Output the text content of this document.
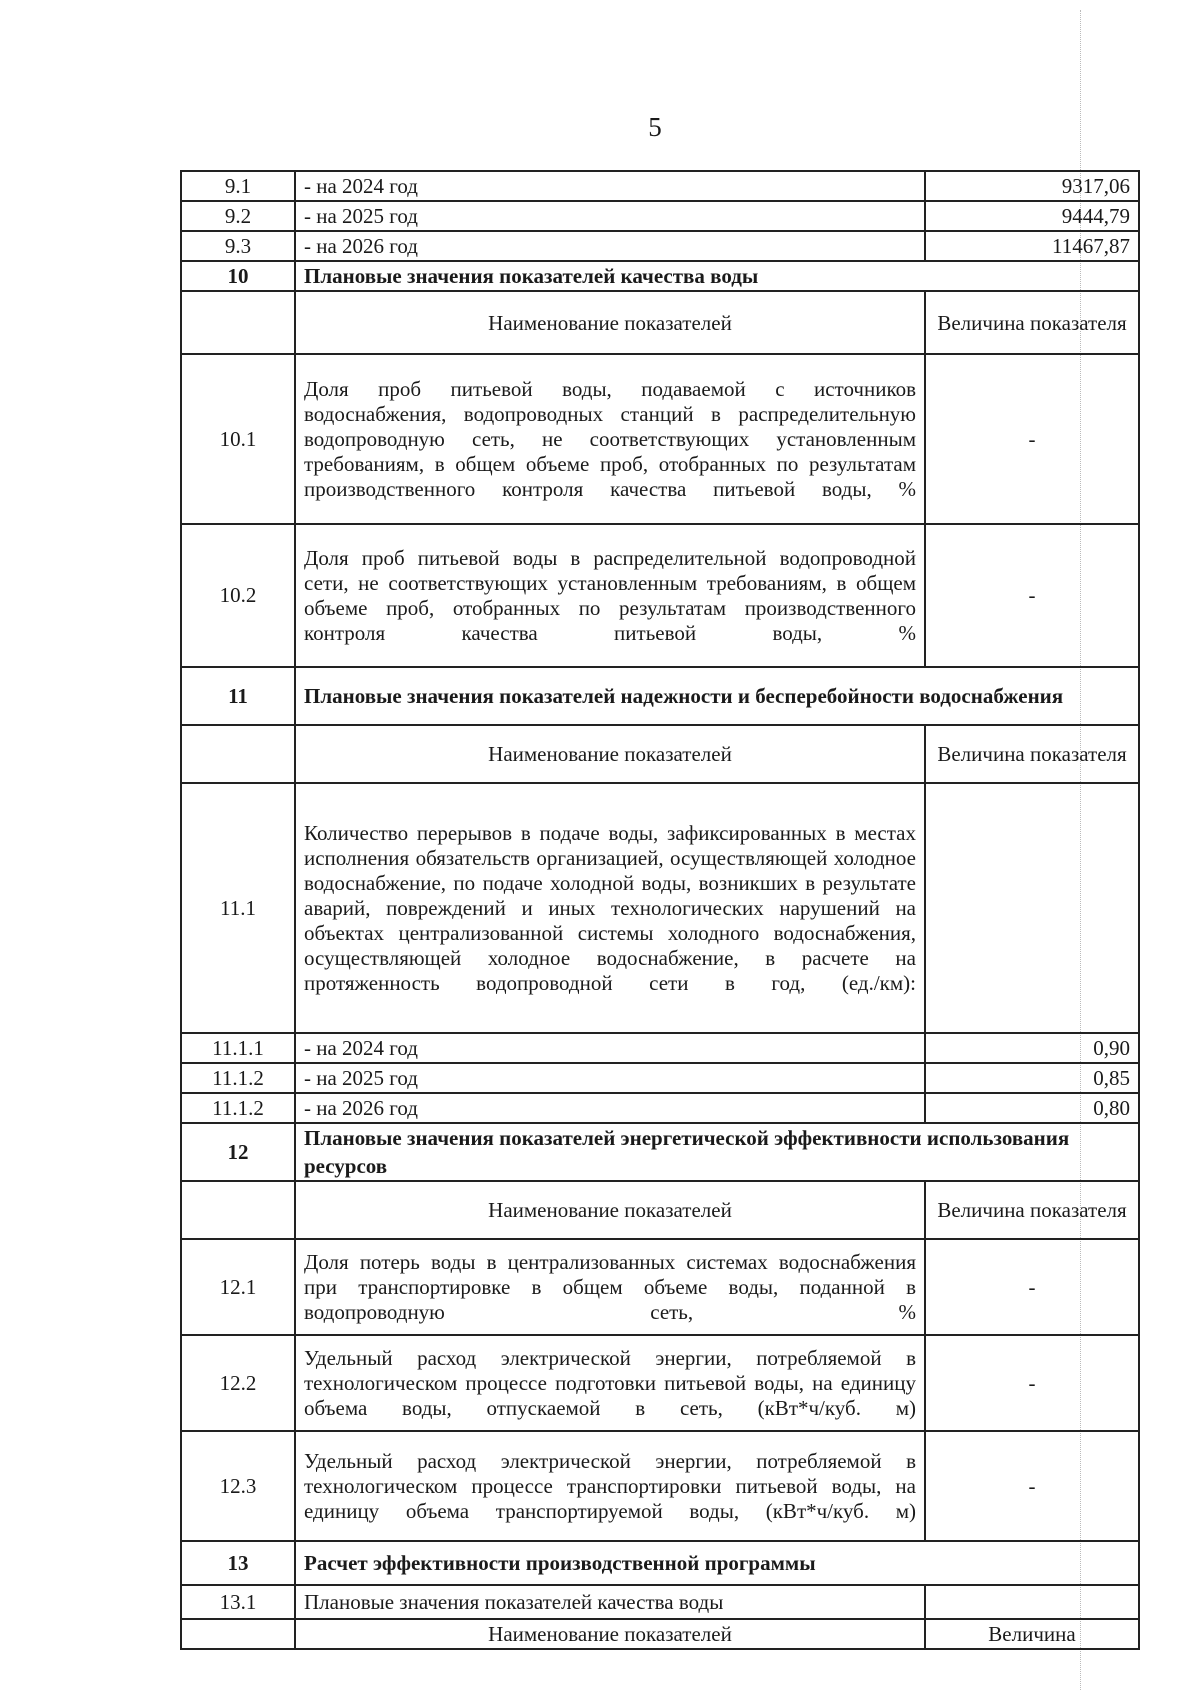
5
9.1	- на 2024 год	9317,06
9.2	- на 2025 год	9444,79
9.3	- на 2026 год	11467,87
10	Плановые значения показателей качества воды	
	Наименование показателей	Величина показателя
10.1	Доля проб питьевой воды, подаваемой с источников водоснабжения, водопроводных станций в распределительную водопроводную сеть, не соответствующих установленным требованиям, в общем объеме проб, отобранных по результатам производственного контроля качества питьевой воды, %	-
10.2	Доля проб питьевой воды в распределительной водопроводной сети, не соответствующих установленным требованиям, в общем объеме проб, отобранных по результатам производственного контроля качества питьевой воды, %	-
11	Плановые значения показателей надежности и бесперебойности водоснабжения	
	Наименование показателей	Величина показателя
11.1	Количество перерывов в подаче воды, зафиксированных в местах исполнения обязательств организацией, осуществляющей холодное водоснабжение, по подаче холодной воды, возникших в результате аварий, повреждений и иных технологических нарушений на объектах централизованной системы холодного водоснабжения, осуществляющей холодное водоснабжение, в расчете на протяженность водопроводной сети в год, (ед./км):	
11.1.1	- на 2024 год	0,90
11.1.2	- на 2025 год	0,85
11.1.2	- на 2026 год	0,80
12	Плановые значения показателей энергетической эффективности использования ресурсов	
	Наименование показателей	Величина показателя
12.1	Доля потерь воды в централизованных системах водоснабжения при транспортировке в общем объеме воды, поданной в водопроводную сеть, %	-
12.2	Удельный расход электрической энергии, потребляемой в технологическом процессе подготовки питьевой воды, на единицу объема воды, отпускаемой в сеть, (кВт*ч/куб. м)	-
12.3	Удельный расход электрической энергии, потребляемой в технологическом процессе транспортировки питьевой воды, на единицу объема транспортируемой воды, (кВт*ч/куб. м)	-
13	Расчет эффективности производственной программы	
13.1	Плановые значения показателей качества воды	
	Наименование показателей	Величина
